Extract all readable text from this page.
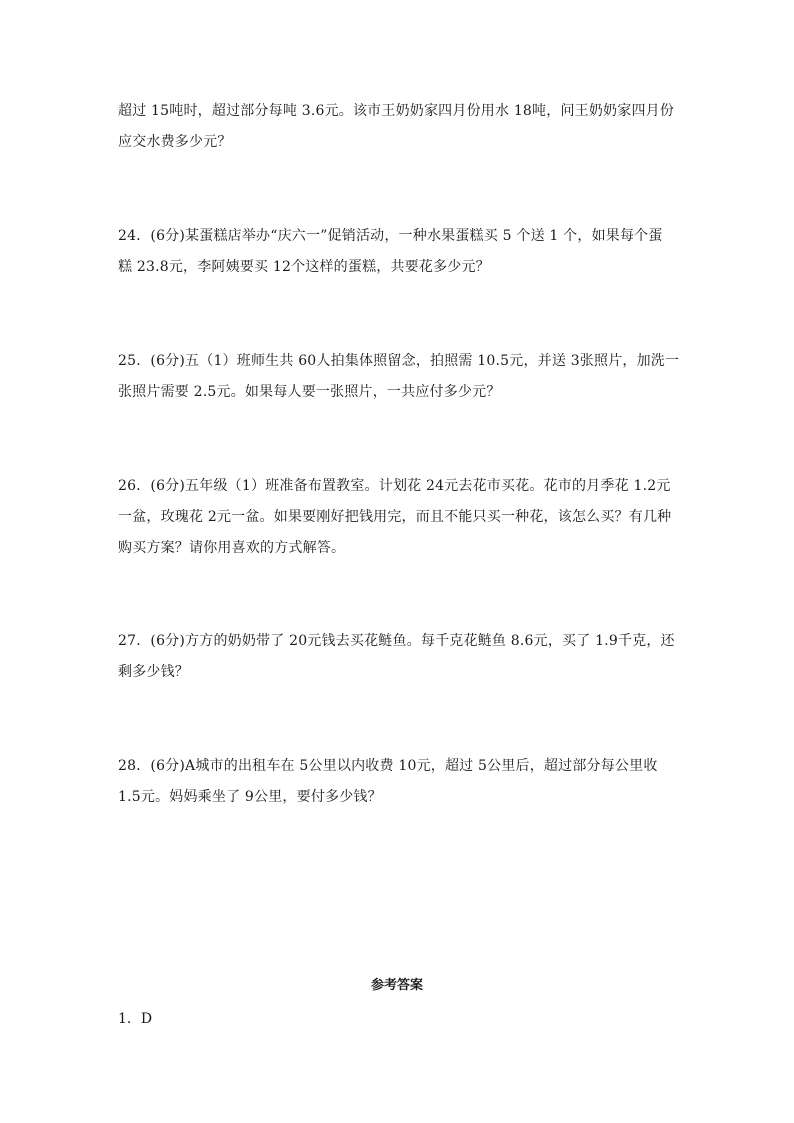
超过 15吨时，超过部分每吨 3.6元。该市王奶奶家四月份用水 18吨，问王奶奶家四月份
应交水费多少元？

24．(6分)某蛋糕店举办“庆六一”促销活动，一种水果蛋糕买 5 个送 1 个，如果每个蛋
糕 23.8元，李阿姨要买 12个这样的蛋糕，共要花多少元？

25．(6分)五（1）班师生共 60人拍集体照留念，拍照需 10.5元，并送 3张照片，加洗一
张照片需要 2.5元。如果每人要一张照片，一共应付多少元？

26．(6分)五年级（1）班准备布置教室。计划花 24元去花市买花。花市的月季花 1.2元
一盆，玫瑰花 2元一盆。如果要刚好把钱用完，而且不能只买一种花，该怎么买？有几种
购买方案？请你用喜欢的方式解答。

27．(6分)方方的奶奶带了 20元钱去买花鲢鱼。每千克花鲢鱼 8.6元，买了 1.9千克，还
剩多少钱？

28．(6分)A城市的出租车在 5公里以内收费 10元，超过 5公里后，超过部分每公里收
1.5元。妈妈乘坐了 9公里，要付多少钱？

参考答案

1．D
